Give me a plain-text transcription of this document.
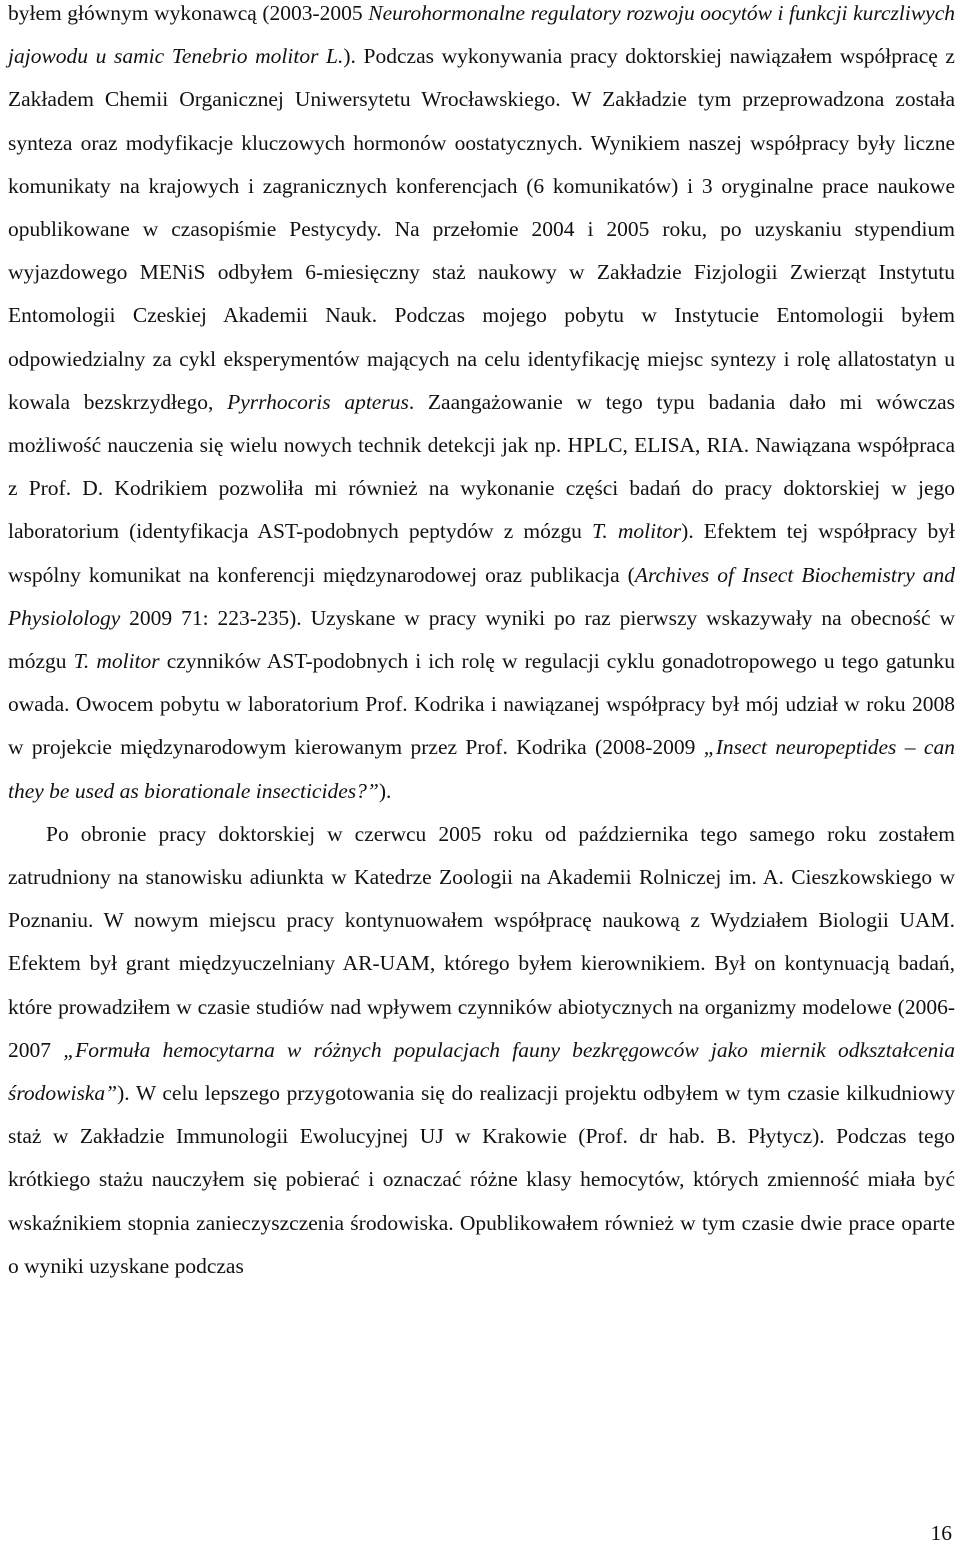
byłem głównym wykonawcą (2003-2005 Neurohormonalne regulatory rozwoju oocytów i funkcji kurczliwych jajowodu u samic Tenebrio molitor L.). Podczas wykonywania pracy doktorskiej nawiązałem współpracę z Zakładem Chemii Organicznej Uniwersytetu Wrocławskiego. W Zakładzie tym przeprowadzona została synteza oraz modyfikacje kluczowych hormonów oostatycznych. Wynikiem naszej współpracy były liczne komunikaty na krajowych i zagranicznych konferencjach (6 komunikatów) i 3 oryginalne prace naukowe opublikowane w czasopiśmie Pestycydy. Na przełomie 2004 i 2005 roku, po uzyskaniu stypendium wyjazdowego MENiS odbyłem 6-miesięczny staż naukowy w Zakładzie Fizjologii Zwierząt Instytutu Entomologii Czeskiej Akademii Nauk. Podczas mojego pobytu w Instytucie Entomologii byłem odpowiedzialny za cykl eksperymentów mających na celu identyfikację miejsc syntezy i rolę allatostatyn u kowala bezskrzydłego, Pyrrhocoris apterus. Zaangażowanie w tego typu badania dało mi wówczas możliwość nauczenia się wielu nowych technik detekcji jak np. HPLC, ELISA, RIA. Nawiązana współpraca z Prof. D. Kodrikiem pozwoliła mi również na wykonanie części badań do pracy doktorskiej w jego laboratorium (identyfikacja AST-podobnych peptydów z mózgu T. molitor). Efektem tej współpracy był wspólny komunikat na konferencji międzynarodowej oraz publikacja (Archives of Insect Biochemistry and Physiolology 2009 71: 223-235). Uzyskane w pracy wyniki po raz pierwszy wskazywały na obecność w mózgu T. molitor czynników AST-podobnych i ich rolę w regulacji cyklu gonadotropowego u tego gatunku owada. Owocem pobytu w laboratorium Prof. Kodrika i nawiązanej współpracy był mój udział w roku 2008 w projekcie międzynarodowym kierowanym przez Prof. Kodrika (2008-2009 „Insect neuropeptides – can they be used as biorationale insecticides?”).

Po obronie pracy doktorskiej w czerwcu 2005 roku od października tego samego roku zostałem zatrudniony na stanowisku adiunkta w Katedrze Zoologii na Akademii Rolniczej im. A. Cieszkowskiego w Poznaniu. W nowym miejscu pracy kontynuowałem współpracę naukową z Wydziałem Biologii UAM. Efektem był grant międzyuczelniany AR-UAM, którego byłem kierownikiem. Był on kontynuacją badań, które prowadziłem w czasie studiów nad wpływem czynników abiotycznych na organizmy modelowe (2006-2007 „Formuła hemocytarna w różnych populacjach fauny bezkręgowców jako miernik odkształcenia środowiska”). W celu lepszego przygotowania się do realizacji projektu odbyłem w tym czasie kilkudniowy staż w Zakładzie Immunologii Ewolucyjnej UJ w Krakowie (Prof. dr hab. B. Płytycz). Podczas tego krótkiego stażu nauczyłem się pobierać i oznaczać różne klasy hemocytów, których zmienność miała być wskaźnikiem stopnia zanieczyszczenia środowiska. Opublikowałem również w tym czasie dwie prace oparte o wyniki uzyskane podczas

16
